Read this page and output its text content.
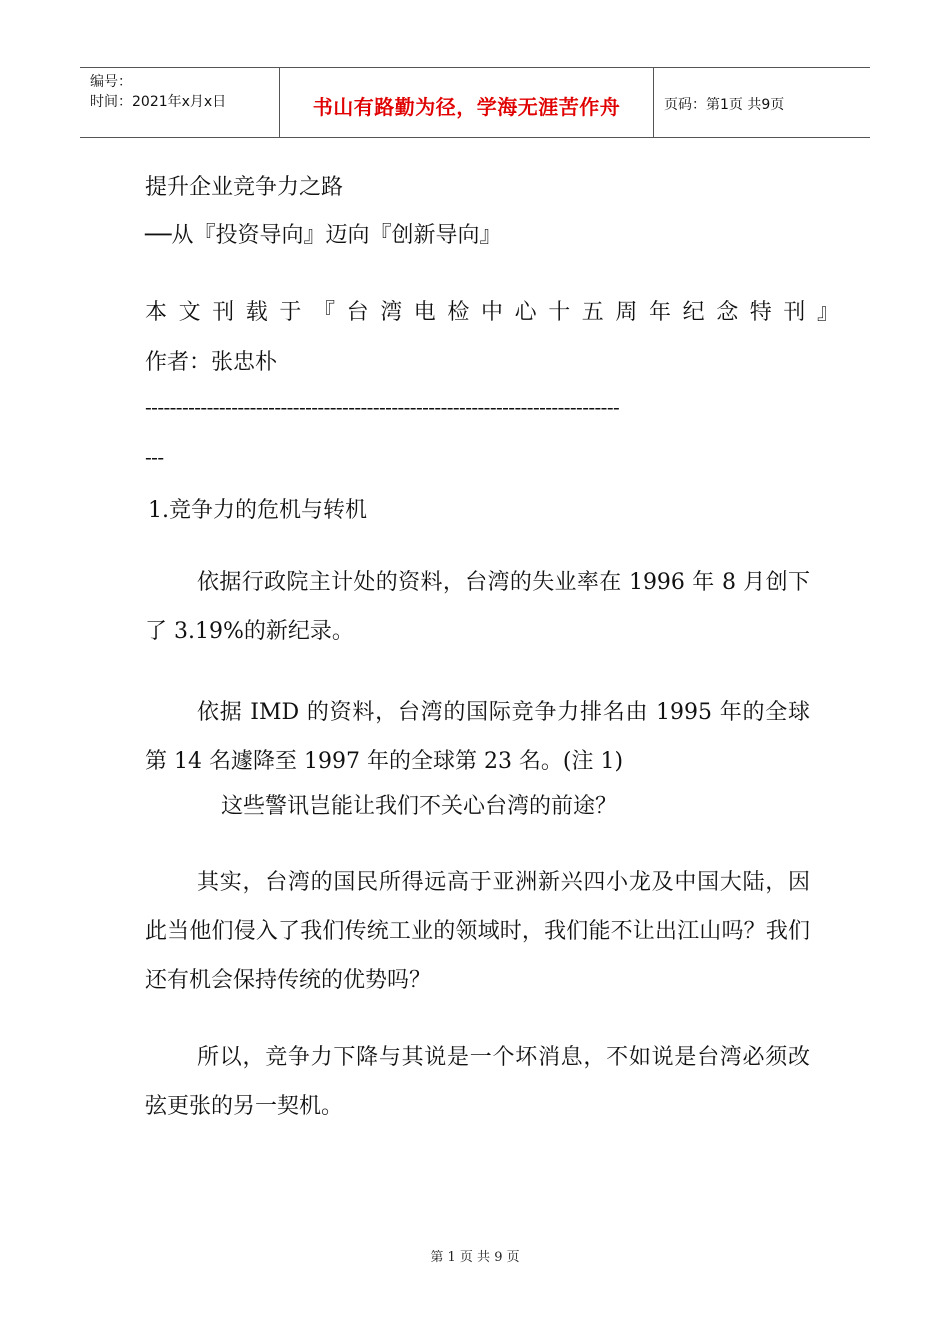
编号：
时间：2021年x月x日	书山有路勤为径，学海无涯苦作舟	页码：第1页 共9页
提升企业竞争力之路
──从『投资导向』迈向『创新导向』
本文刊载于『台湾电检中心十五周年纪念特刊』
作者：张忠朴
-----------------------------------------------------------------------------
---
1.竞争力的危机与转机
依据行政院主计处的资料，台湾的失业率在 1996 年 8 月创下了 3.19%的新纪录。
依据 IMD 的资料，台湾的国际竞争力排名由 1995 年的全球第 14 名遽降至 1997 年的全球第 23 名。(注 1)
这些警讯岂能让我们不关心台湾的前途？
其实，台湾的国民所得远高于亚洲新兴四小龙及中国大陆，因此当他们侵入了我们传统工业的领域时，我们能不让出江山吗？我们还有机会保持传统的优势吗？
所以，竞争力下降与其说是一个坏消息，不如说是台湾必须改弦更张的另一契机。
第 1 页 共 9 页
